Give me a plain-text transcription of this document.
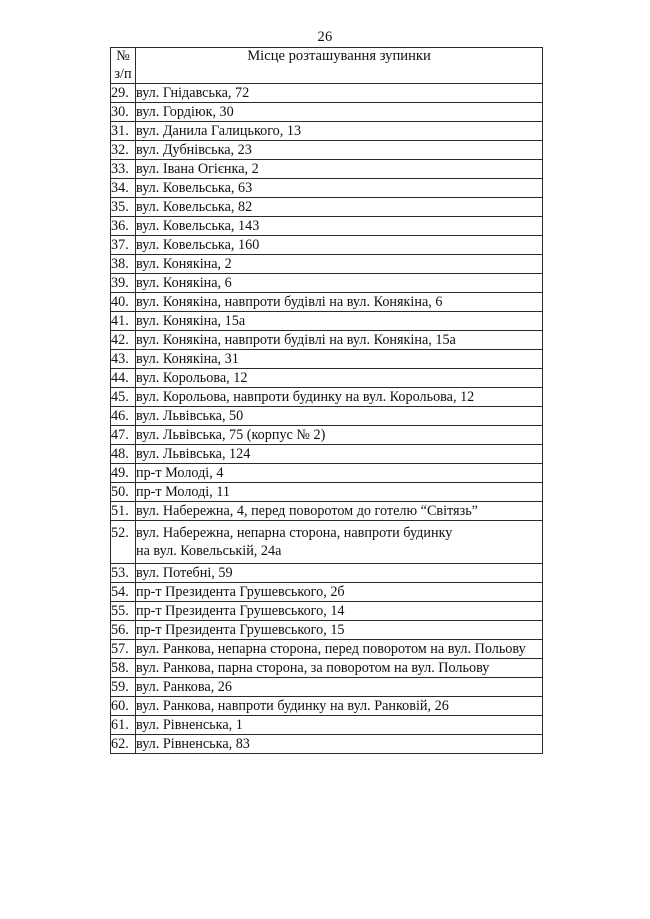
26
№
з/п	Місце розташування зупинки
29.	вул. Гнідавська, 72

30.	вул. Гордіюк, 30

31.	вул. Данила Галицького, 13

32.	вул. Дубнівська, 23

33.	вул. Івана Огієнка, 2

34.	вул. Ковельська, 63

35.	вул. Ковельська, 82

36.	вул. Ковельська, 143

37.	вул. Ковельська, 160

38.	вул. Конякіна, 2

39.	вул. Конякіна, 6

40.	вул. Конякіна, навпроти будівлі на вул. Конякіна, 6

41.	вул. Конякіна, 15а

42.	вул. Конякіна, навпроти будівлі на вул. Конякіна, 15а

43.	вул. Конякіна, 31

44.	вул. Корольова, 12

45.	вул. Корольова, навпроти будинку на вул. Корольова, 12

46.	вул. Львівська, 50

47.	вул. Львівська, 75 (корпус № 2)

48.	вул. Львівська, 124

49.	пр-т Молоді, 4

50.	пр-т Молоді, 11

51.	вул. Набережна, 4, перед поворотом до готелю “Світязь”

52.	вул. Набережна, непарна сторона, навпроти будинку
на вул. Ковельській, 24а

53.	вул. Потебні, 59

54.	пр-т Президента Грушевського, 2б

55.	пр-т Президента Грушевського, 14

56.	пр-т Президента Грушевського, 15

57.	вул. Ранкова, непарна сторона, перед поворотом на вул. Польову

58.	вул. Ранкова, парна сторона, за поворотом на вул. Польову

59.	вул. Ранкова, 26

60.	вул. Ранкова, навпроти будинку на вул. Ранковій, 26

61.	вул. Рівненська, 1

62.	вул. Рівненська, 83
